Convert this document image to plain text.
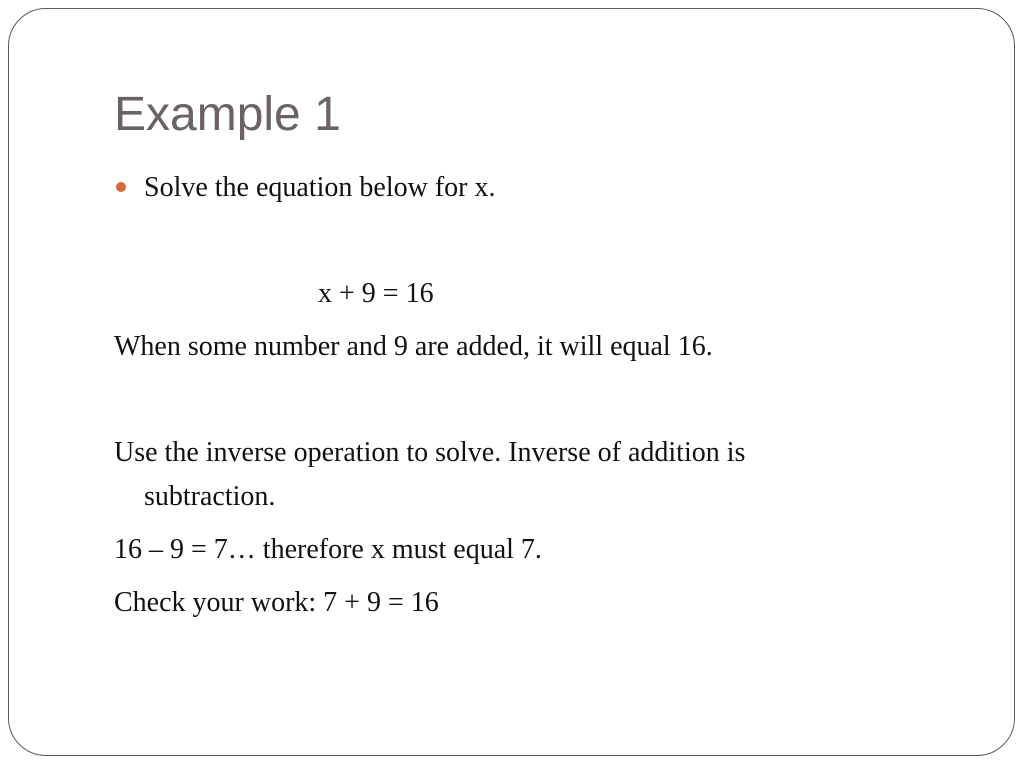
Example 1
Solve the equation below for x.
x + 9 = 16
When some number and 9 are added, it will equal 16.
Use the inverse operation to solve. Inverse of addition is
subtraction.
16 – 9 = 7… therefore x must equal 7.
Check your work: 7 + 9 = 16
